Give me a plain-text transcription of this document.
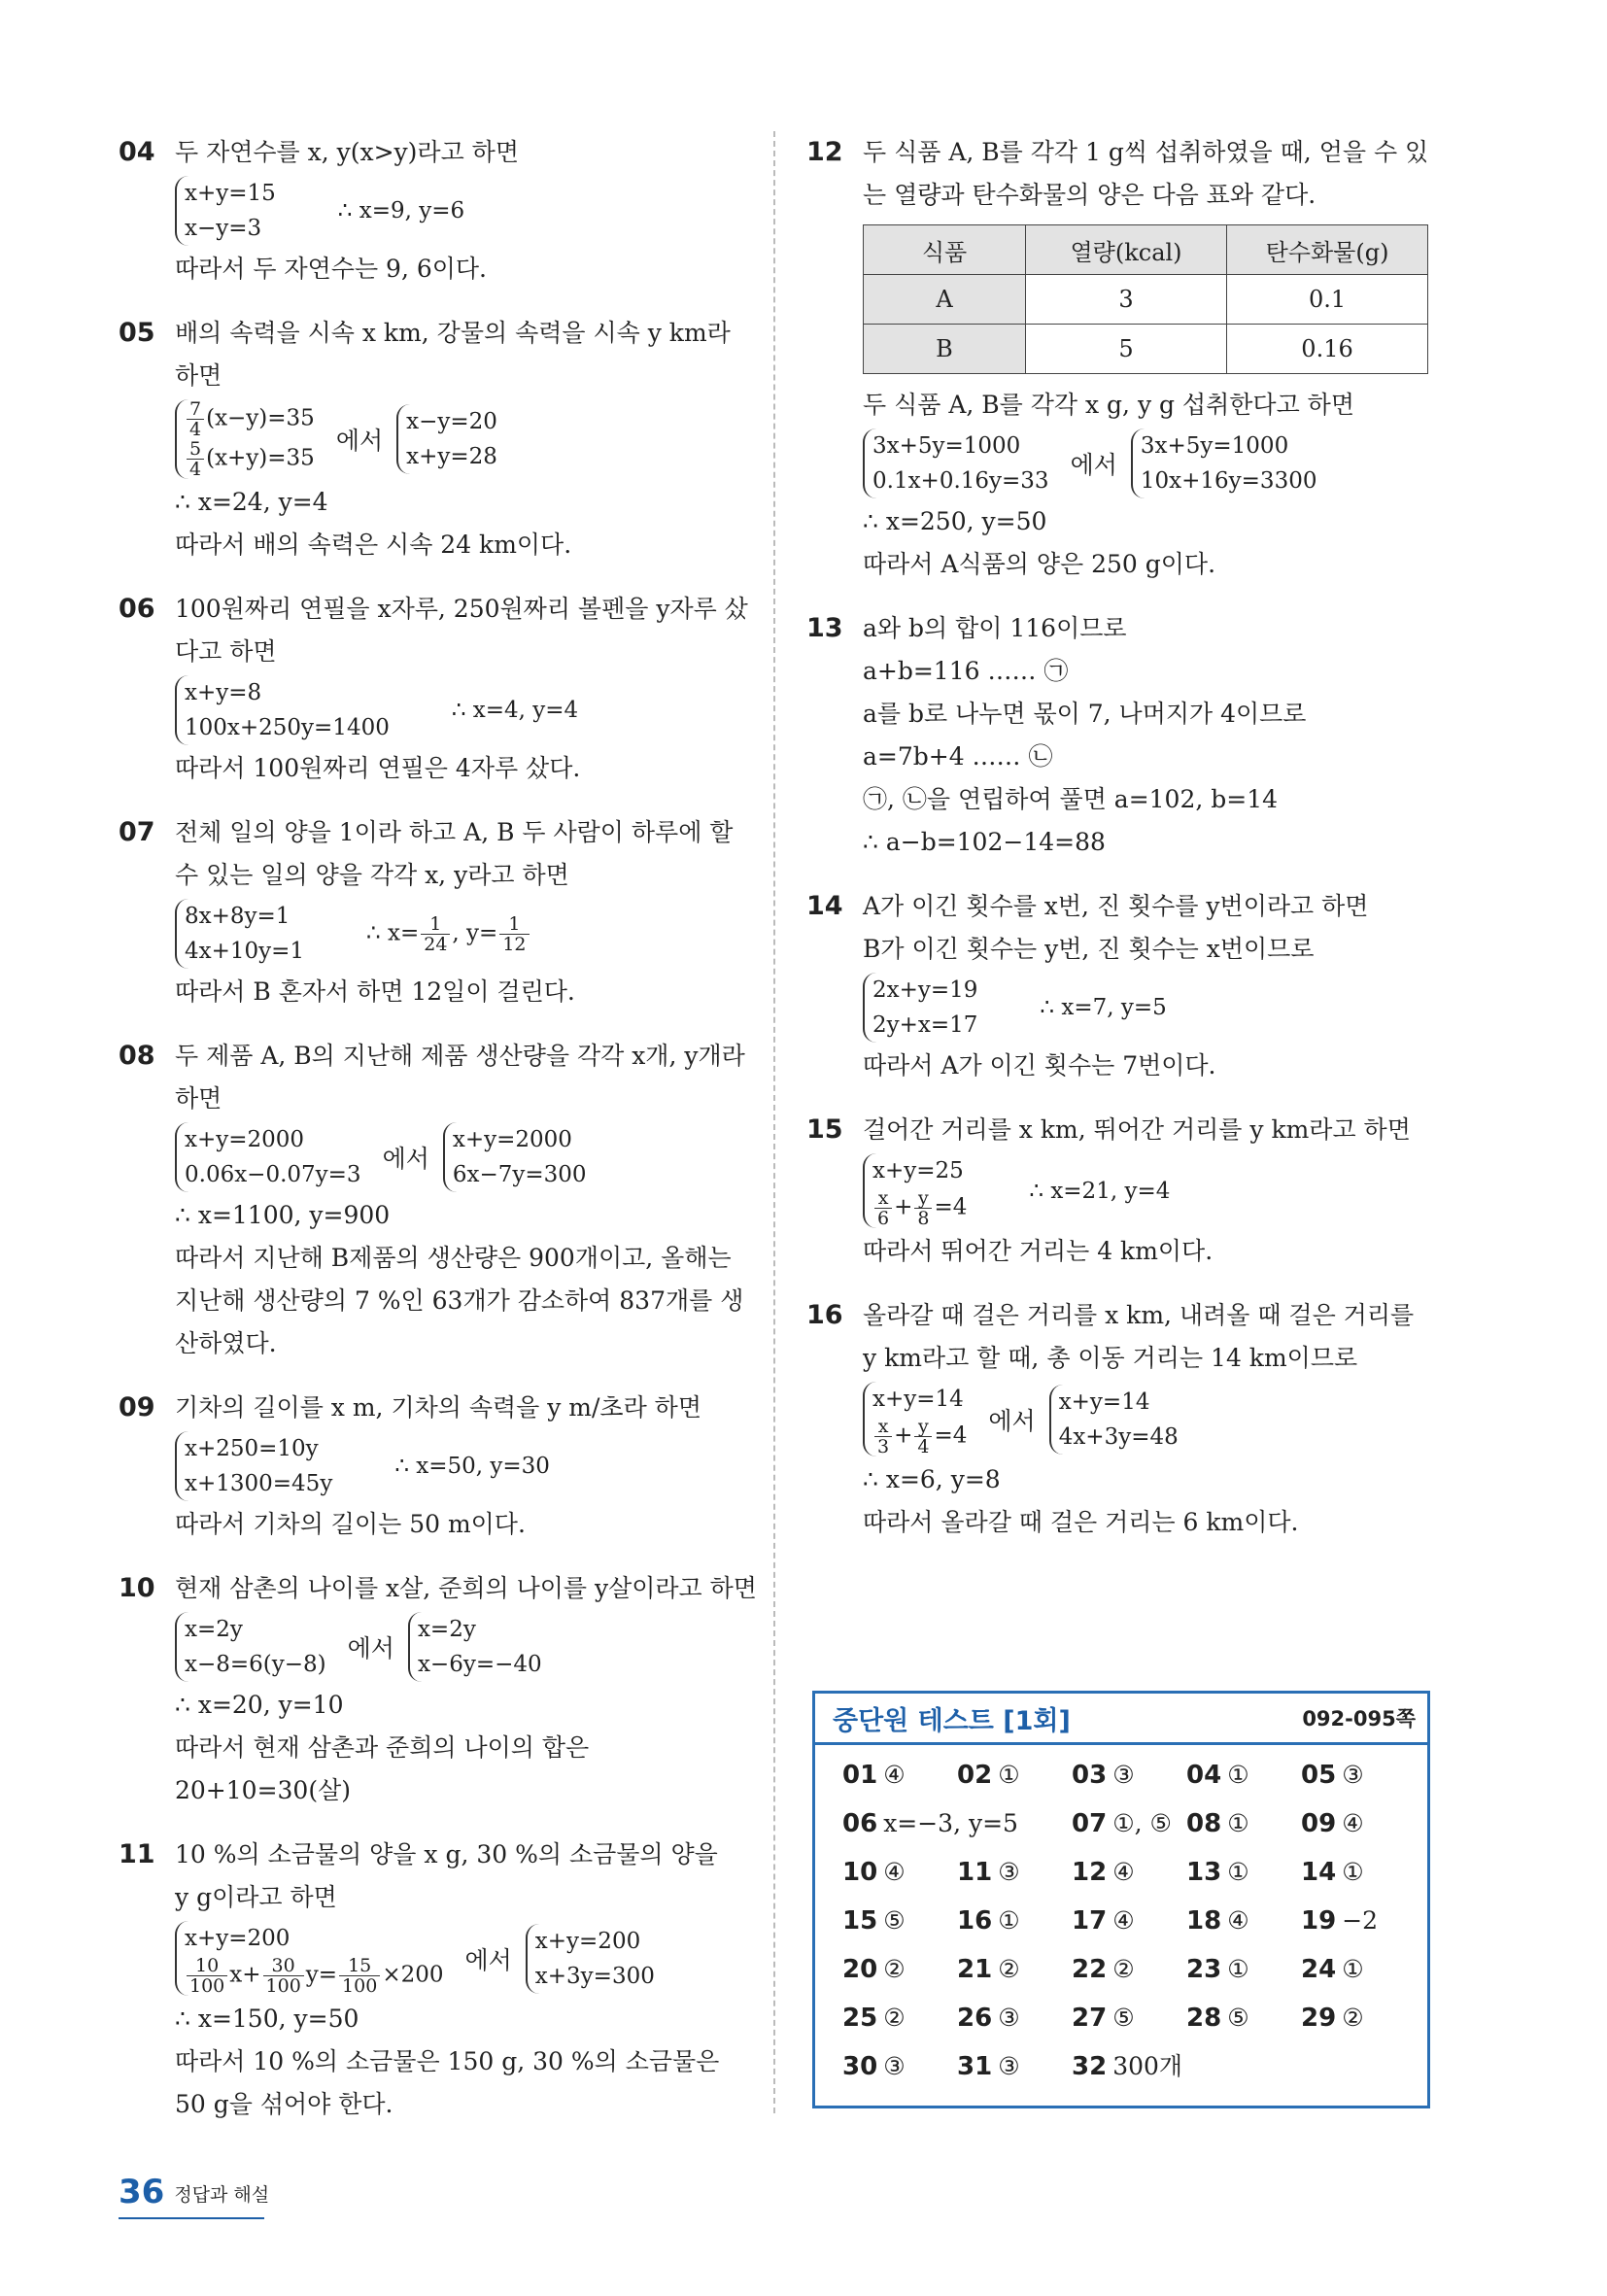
04 두 자연수를 x, y(x>y)라고 하면
x+y=15
x−y=3
∴ x=9, y=6
따라서 두 자연수는 9, 6이다.
05 배의 속력을 시속 x km, 강물의 속력을 시속 y km라
하면
$\frac{7}{4} (x-y)=35$
$\frac{5}{4} (x+y)=35$
에서
x−y=20
x+y=28
∴ x=24, y=4
따라서 배의 속력은 시속 24 km이다.
06 100원짜리 연필을 x자루, 250원짜리 볼펜을 y자루 샀
다고 하면
x+y=8
100x+250y=1400
∴ x=4, y=4
따라서 100원짜리 연필은 4자루 샀다.
07 전체 일의 양을 1이라 하고 A, B 두 사람이 하루에 할
수 있는 일의 양을 각각 x, y라고 하면
8x+8y=1
4x+10y=1
∴ $x= \frac{1}{24}$ , $y= \frac{1}{12}$
따라서 B 혼자서 하면 12일이 걸린다.
08 두 제품 A, B의 지난해 제품 생산량을 각각 x개, y개라
하면
x+y=2000
0.06x−0.07y=3
에서
x+y=2000
6x−7y=300
∴ x=1100, y=900
따라서 지난해 B제품의 생산량은 900개이고, 올해는
지난해 생산량의 7 %인 63개가 감소하여 837개를 생
산하였다.
09 기차의 길이를 x m, 기차의 속력을 y m/초라 하면
x+250=10y
x+1300=45y
∴ x=50, y=30
따라서 기차의 길이는 50 m이다.
10 현재 삼촌의 나이를 x살, 준희의 나이를 y살이라고 하면
x=2y
x−8=6(y−8)
에서
x=2y
x−6y=−40
∴ x=20, y=10
따라서 현재 삼촌과 준희의 나이의 합은
20+10=30(살)
11 10 %의 소금물의 양을 x g, 30 %의 소금물의 양을
y g이라고 하면
x+y=200
$\frac{10}{100} x+ \frac{30}{100} y= \frac{15}{100} \times 200$
에서
x+y=200
x+3y=300
∴ x=150, y=50
따라서 10 %의 소금물은 150 g, 30 %의 소금물은
50 g을 섞어야 한다.
12 두 식품 A, B를 각각 1 g씩 섭취하였을 때, 얻을 수 있
는 열량과 탄수화물의 양은 다음 표와 같다.
식품	열량(kcal)	탄수화물(g)
A	3	0.1
B	5	0.16
두 식품 A, B를 각각 x g, y g 섭취한다고 하면
3x+5y=1000
0.1x+0.16y=33
에서
3x+5y=1000
10x+16y=3300
∴ x=250, y=50
따라서 A식품의 양은 250 g이다.
13 a와 b의 합이 116이므로
a+b=116 …… ㉠
a를 b로 나누면 몫이 7, 나머지가 4이므로
a=7b+4 …… ㉡
㉠, ㉡을 연립하여 풀면 a=102, b=14
∴ a−b=102−14=88
14 A가 이긴 횟수를 x번, 진 횟수를 y번이라고 하면
B가 이긴 횟수는 y번, 진 횟수는 x번이므로
2x+y=19
2y+x=17
∴ x=7, y=5
따라서 A가 이긴 횟수는 7번이다.
15 걸어간 거리를 x km, 뛰어간 거리를 y km라고 하면
x+y=25
$\frac{x}{6} + \frac{y}{8} =4$
∴ x=21, y=4
따라서 뛰어간 거리는 4 km이다.
16 올라갈 때 걸은 거리를 x km, 내려올 때 걸은 거리를
y km라고 할 때, 총 이동 거리는 14 km이므로
x+y=14
$\frac{x}{3} + \frac{y}{4} =4$
에서
x+y=14
4x+3y=48
∴ x=6, y=8
따라서 올라갈 때 걸은 거리는 6 km이다.
중단원 테스트 [1회]	092-095쪽
01 ④	02 ①	03 ③	04 ①	05 ③
06 x=−3, y=5	07 ①, ⑤ 08 ①	09 ④
10 ④	11 ③	12 ④	13 ①	14 ①
15 ⑤	16 ①	17 ④	18 ④	19 −2
20 ②	21 ②	22 ②	23 ①	24 ①
25 ②	26 ③	27 ⑤	28 ⑤	29 ②
30 ③	31 ③	32 300개
36 정답과 해설
